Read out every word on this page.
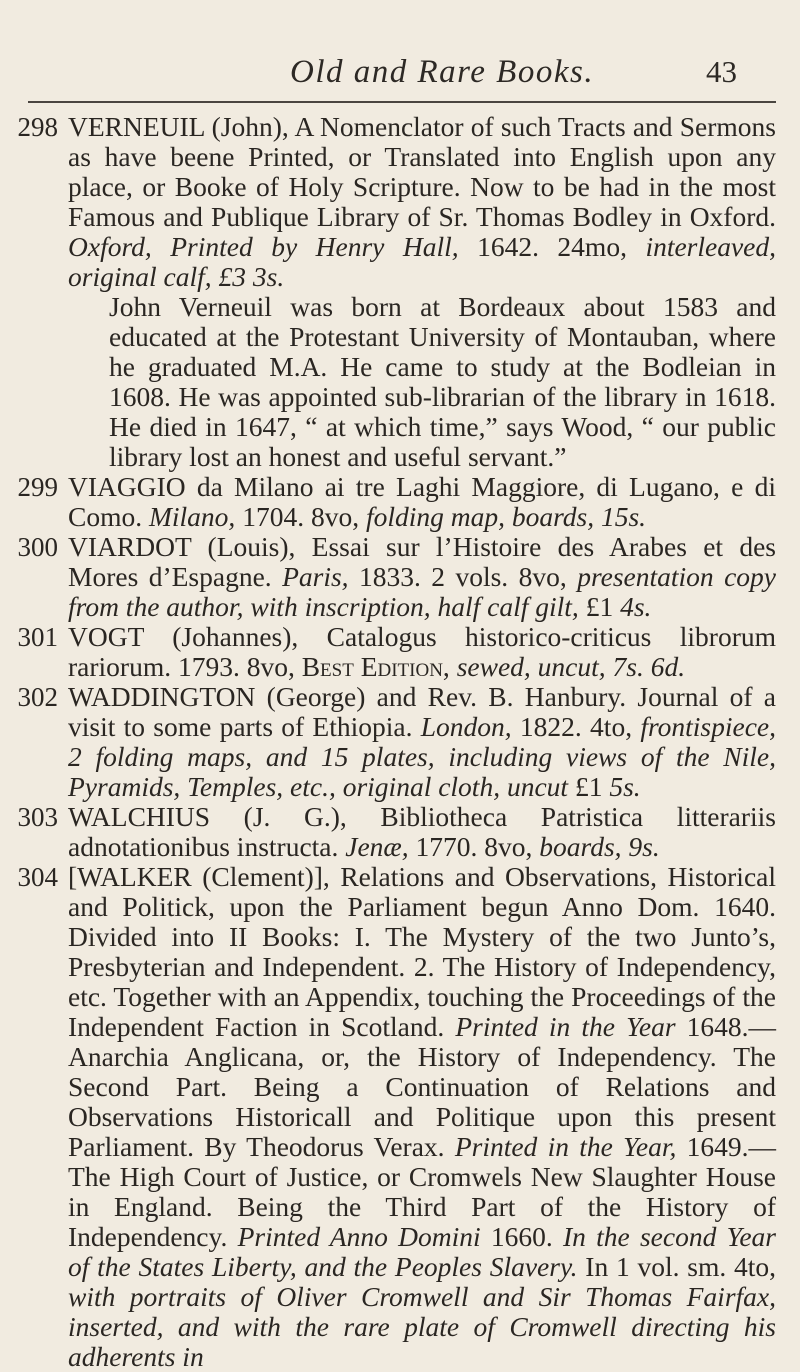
Old and Rare Books.	43
298 VERNEUIL (John), A Nomenclator of such Tracts and Sermons as have beene Printed, or Translated into English upon any place, or Booke of Holy Scripture. Now to be had in the most Famous and Publique Library of Sr. Thomas Bodley in Oxford. Oxford, Printed by Henry Hall, 1642. 24mo, interleaved, original calf, £3 3s.
John Verneuil was born at Bordeaux about 1583 and educated at the Protestant University of Montauban, where he graduated M.A. He came to study at the Bodleian in 1608. He was appointed sub-librarian of the library in 1618. He died in 1647, “ at which time,” says Wood, “ our public library lost an honest and useful servant.”
299 VIAGGIO da Milano ai tre Laghi Maggiore, di Lugano, e di Como. Milano, 1704. 8vo, folding map, boards, 15s.
300 VIARDOT (Louis), Essai sur l’Histoire des Arabes et des Mores d’Espagne. Paris, 1833. 2 vols. 8vo, presentation copy from the author, with inscription, half calf gilt, £1 4s.
301 VOGT (Johannes), Catalogus historico-criticus librorum rariorum. 1793. 8vo, Best Edition, sewed, uncut, 7s. 6d.
302 WADDINGTON (George) and Rev. B. Hanbury. Journal of a visit to some parts of Ethiopia. London, 1822. 4to, frontispiece, 2 folding maps, and 15 plates, including views of the Nile, Pyramids, Temples, etc., original cloth, uncut £1 5s.
303 WALCHIUS (J. G.), Bibliotheca Patristica litterariis adnotationibus instructa. Jenæ, 1770. 8vo, boards, 9s.
304 [WALKER (Clement)], Relations and Observations, Historical and Politick, upon the Parliament begun Anno Dom. 1640. Divided into II Books: I. The Mystery of the two Junto’s, Presbyterian and Independent. 2. The History of Independency, etc. Together with an Appendix, touching the Proceedings of the Independent Faction in Scotland. Printed in the Year 1648.—Anarchia Anglicana, or, the History of Independency. The Second Part. Being a Continuation of Relations and Observations Historicall and Politique upon this present Parliament. By Theodorus Verax. Printed in the Year, 1649.—The High Court of Justice, or Cromwels New Slaughter House in England. Being the Third Part of the History of Independency. Printed Anno Domini 1660. In the second Year of the States Liberty, and the Peoples Slavery. In 1 vol. sm. 4to, with portraits of Oliver Cromwell and Sir Thomas Fairfax, inserted, and with the rare plate of Cromwell directing his adherents in
